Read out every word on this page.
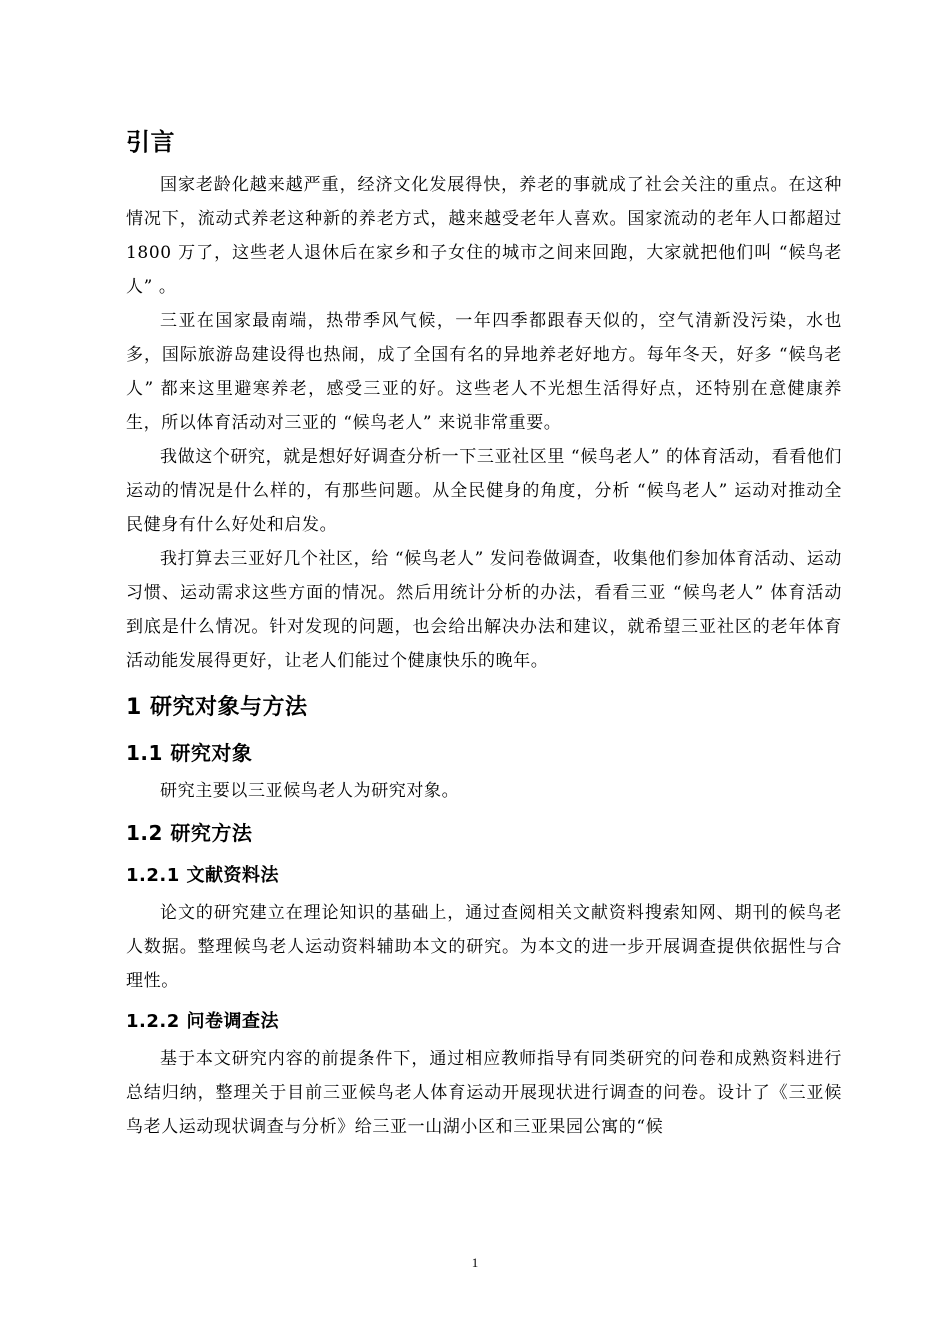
引言

国家老龄化越来越严重，经济文化发展得快，养老的事就成了社会关注的重点。在这种情况下，流动式养老这种新的养老方式，越来越受老年人喜欢。国家流动的老年人口都超过 1800 万了，这些老人退休后在家乡和子女住的城市之间来回跑，大家就把他们叫 “候鸟老人” 。

三亚在国家最南端，热带季风气候，一年四季都跟春天似的，空气清新没污染，水也多，国际旅游岛建设得也热闹，成了全国有名的异地养老好地方。每年冬天，好多 “候鸟老人” 都来这里避寒养老，感受三亚的好。这些老人不光想生活得好点，还特别在意健康养生，所以体育活动对三亚的 “候鸟老人” 来说非常重要。

我做这个研究，就是想好好调查分析一下三亚社区里 “候鸟老人” 的体育活动，看看他们运动的情况是什么样的，有那些问题。从全民健身的角度，分析 “候鸟老人” 运动对推动全民健身有什么好处和启发。

我打算去三亚好几个社区，给 “候鸟老人” 发问卷做调查，收集他们参加体育活动、运动习惯、运动需求这些方面的情况。然后用统计分析的办法，看看三亚 “候鸟老人” 体育活动到底是什么情况。针对发现的问题，也会给出解决办法和建议，就希望三亚社区的老年体育活动能发展得更好，让老人们能过个健康快乐的晚年。

1 研究对象与方法
1.1 研究对象

研究主要以三亚候鸟老人为研究对象。

1.2 研究方法
1.2.1 文献资料法

论文的研究建立在理论知识的基础上，通过查阅相关文献资料搜索知网、期刊的候鸟老人数据。整理候鸟老人运动资料辅助本文的研究。为本文的进一步开展调查提供依据性与合理性。

1.2.2 问卷调查法

基于本文研究内容的前提条件下，通过相应教师指导有同类研究的问卷和成熟资料进行总结归纳，整理关于目前三亚候鸟老人体育运动开展现状进行调查的问卷。设计了《三亚候鸟老人运动现状调查与分析》给三亚一山湖小区和三亚果园公寓的“候

1
